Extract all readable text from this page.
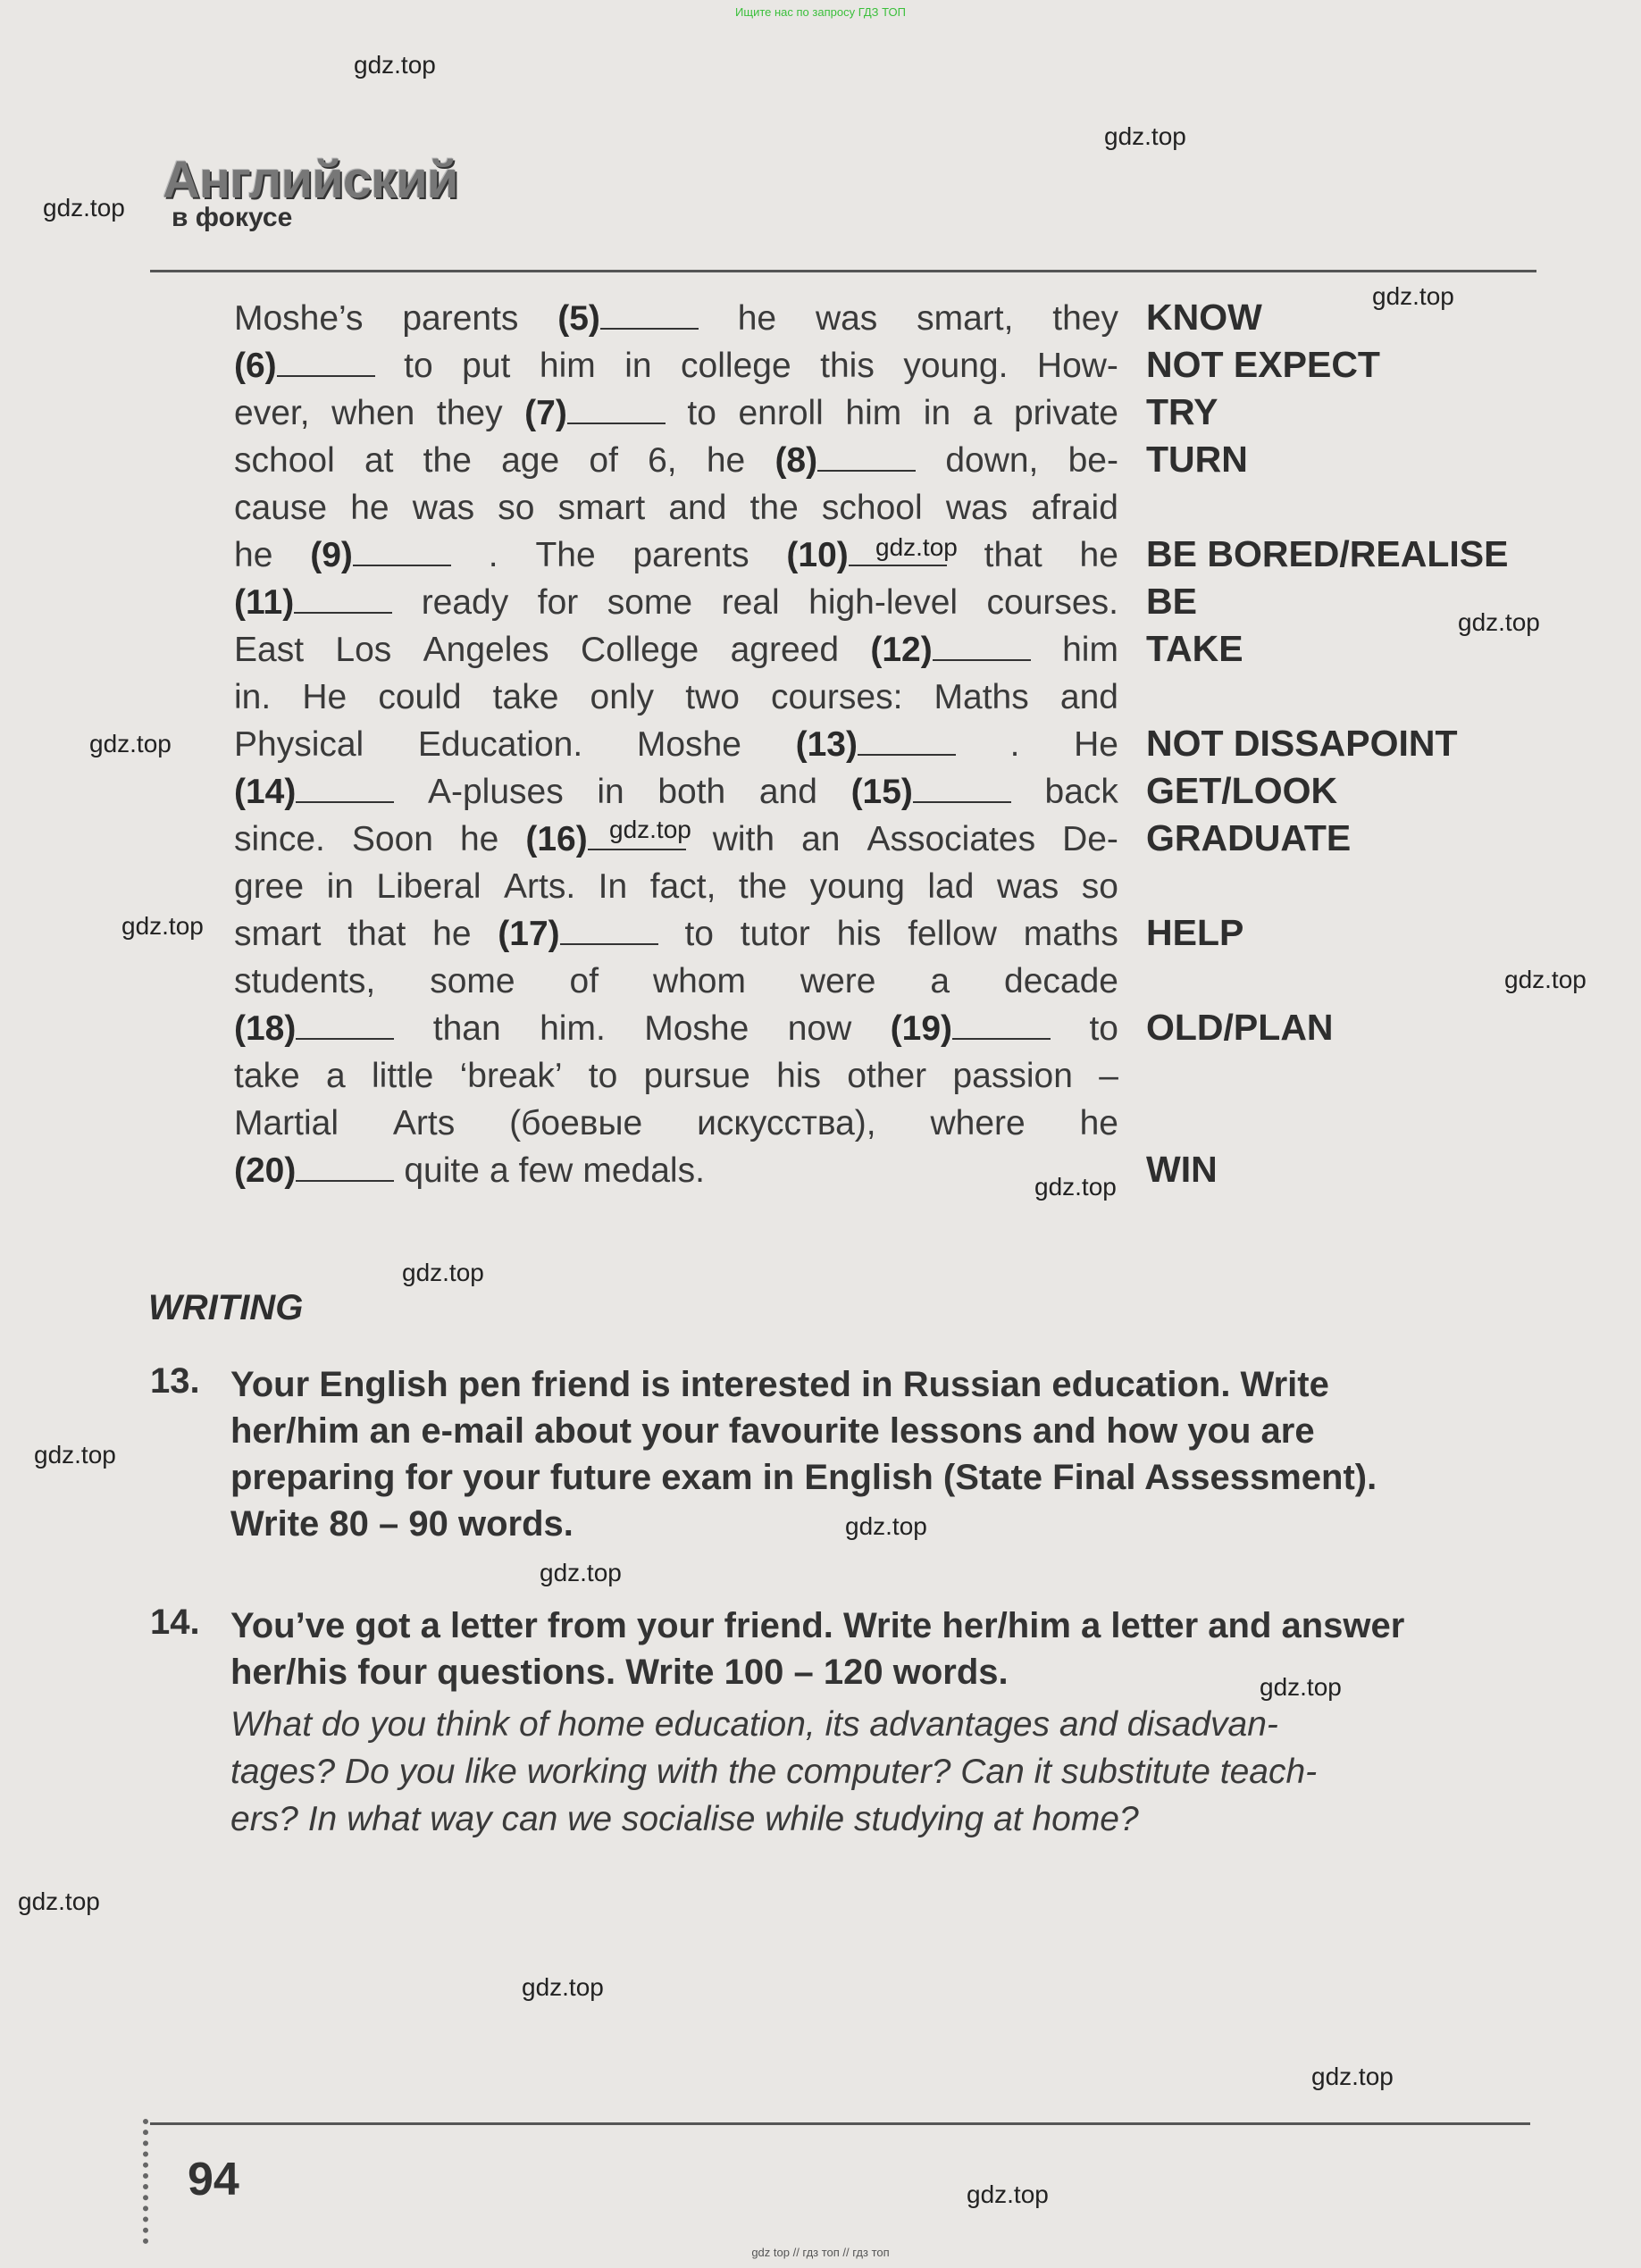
Ищите нас по запросу ГДЗ ТОП
gdz top // гдз топ // гдз топ
Английский
в фокусе
Moshe’s parents (5)	he was smart, they
(6)	to put him in college this young. How-
ever, when they (7)	to enroll him in a private
school at the age of 6, he (8)	down, be-
cause he was so smart and the school was afraid
he (9)	. The parents (10)	that he
(11)	ready for some real high-level courses.
East Los Angeles College agreed (12)	him
in. He could take only two courses: Maths and
Physical Education. Moshe (13)	. He
(14)	A-pluses in both and (15)	back
since. Soon he (16)	with an Associates De-
gree in Liberal Arts. In fact, the young lad was so
smart that he (17)	to tutor his fellow maths
students, some of whom were a decade
(18)	than him. Moshe now (19)	to
take a little ‘break’ to pursue his other passion –
Martial Arts (боевые искусства), where he
(20)	quite a few medals.
KNOW
NOT EXPECT
TRY
TURN
BE BORED/REALISE
BE
TAKE
NOT DISSAPOINT
GET/LOOK
GRADUATE
HELP
OLD/PLAN
WIN
WRITING
13. Your English pen friend is interested in Russian education. Write
her/him an e-mail about your favourite lessons and how you are
preparing for your future exam in English (State Final Assessment).
Write 80 – 90 words.
14. You’ve got a letter from your friend. Write her/him a letter and answer
her/his four questions. Write 100 – 120 words.
What do you think of home education, its advantages and disadvan-
tages? Do you like working with the computer? Can it substitute teach-
ers? In what way can we socialise while studying at home?
94
gdz.top
gdz.top
gdz.top
gdz.top
gdz.top
gdz.top
gdz.top
gdz.top
gdz.top
gdz.top
gdz.top
gdz.top
gdz.top
gdz.top
gdz.top
gdz.top
gdz.top
gdz.top
gdz.top
gdz.top
